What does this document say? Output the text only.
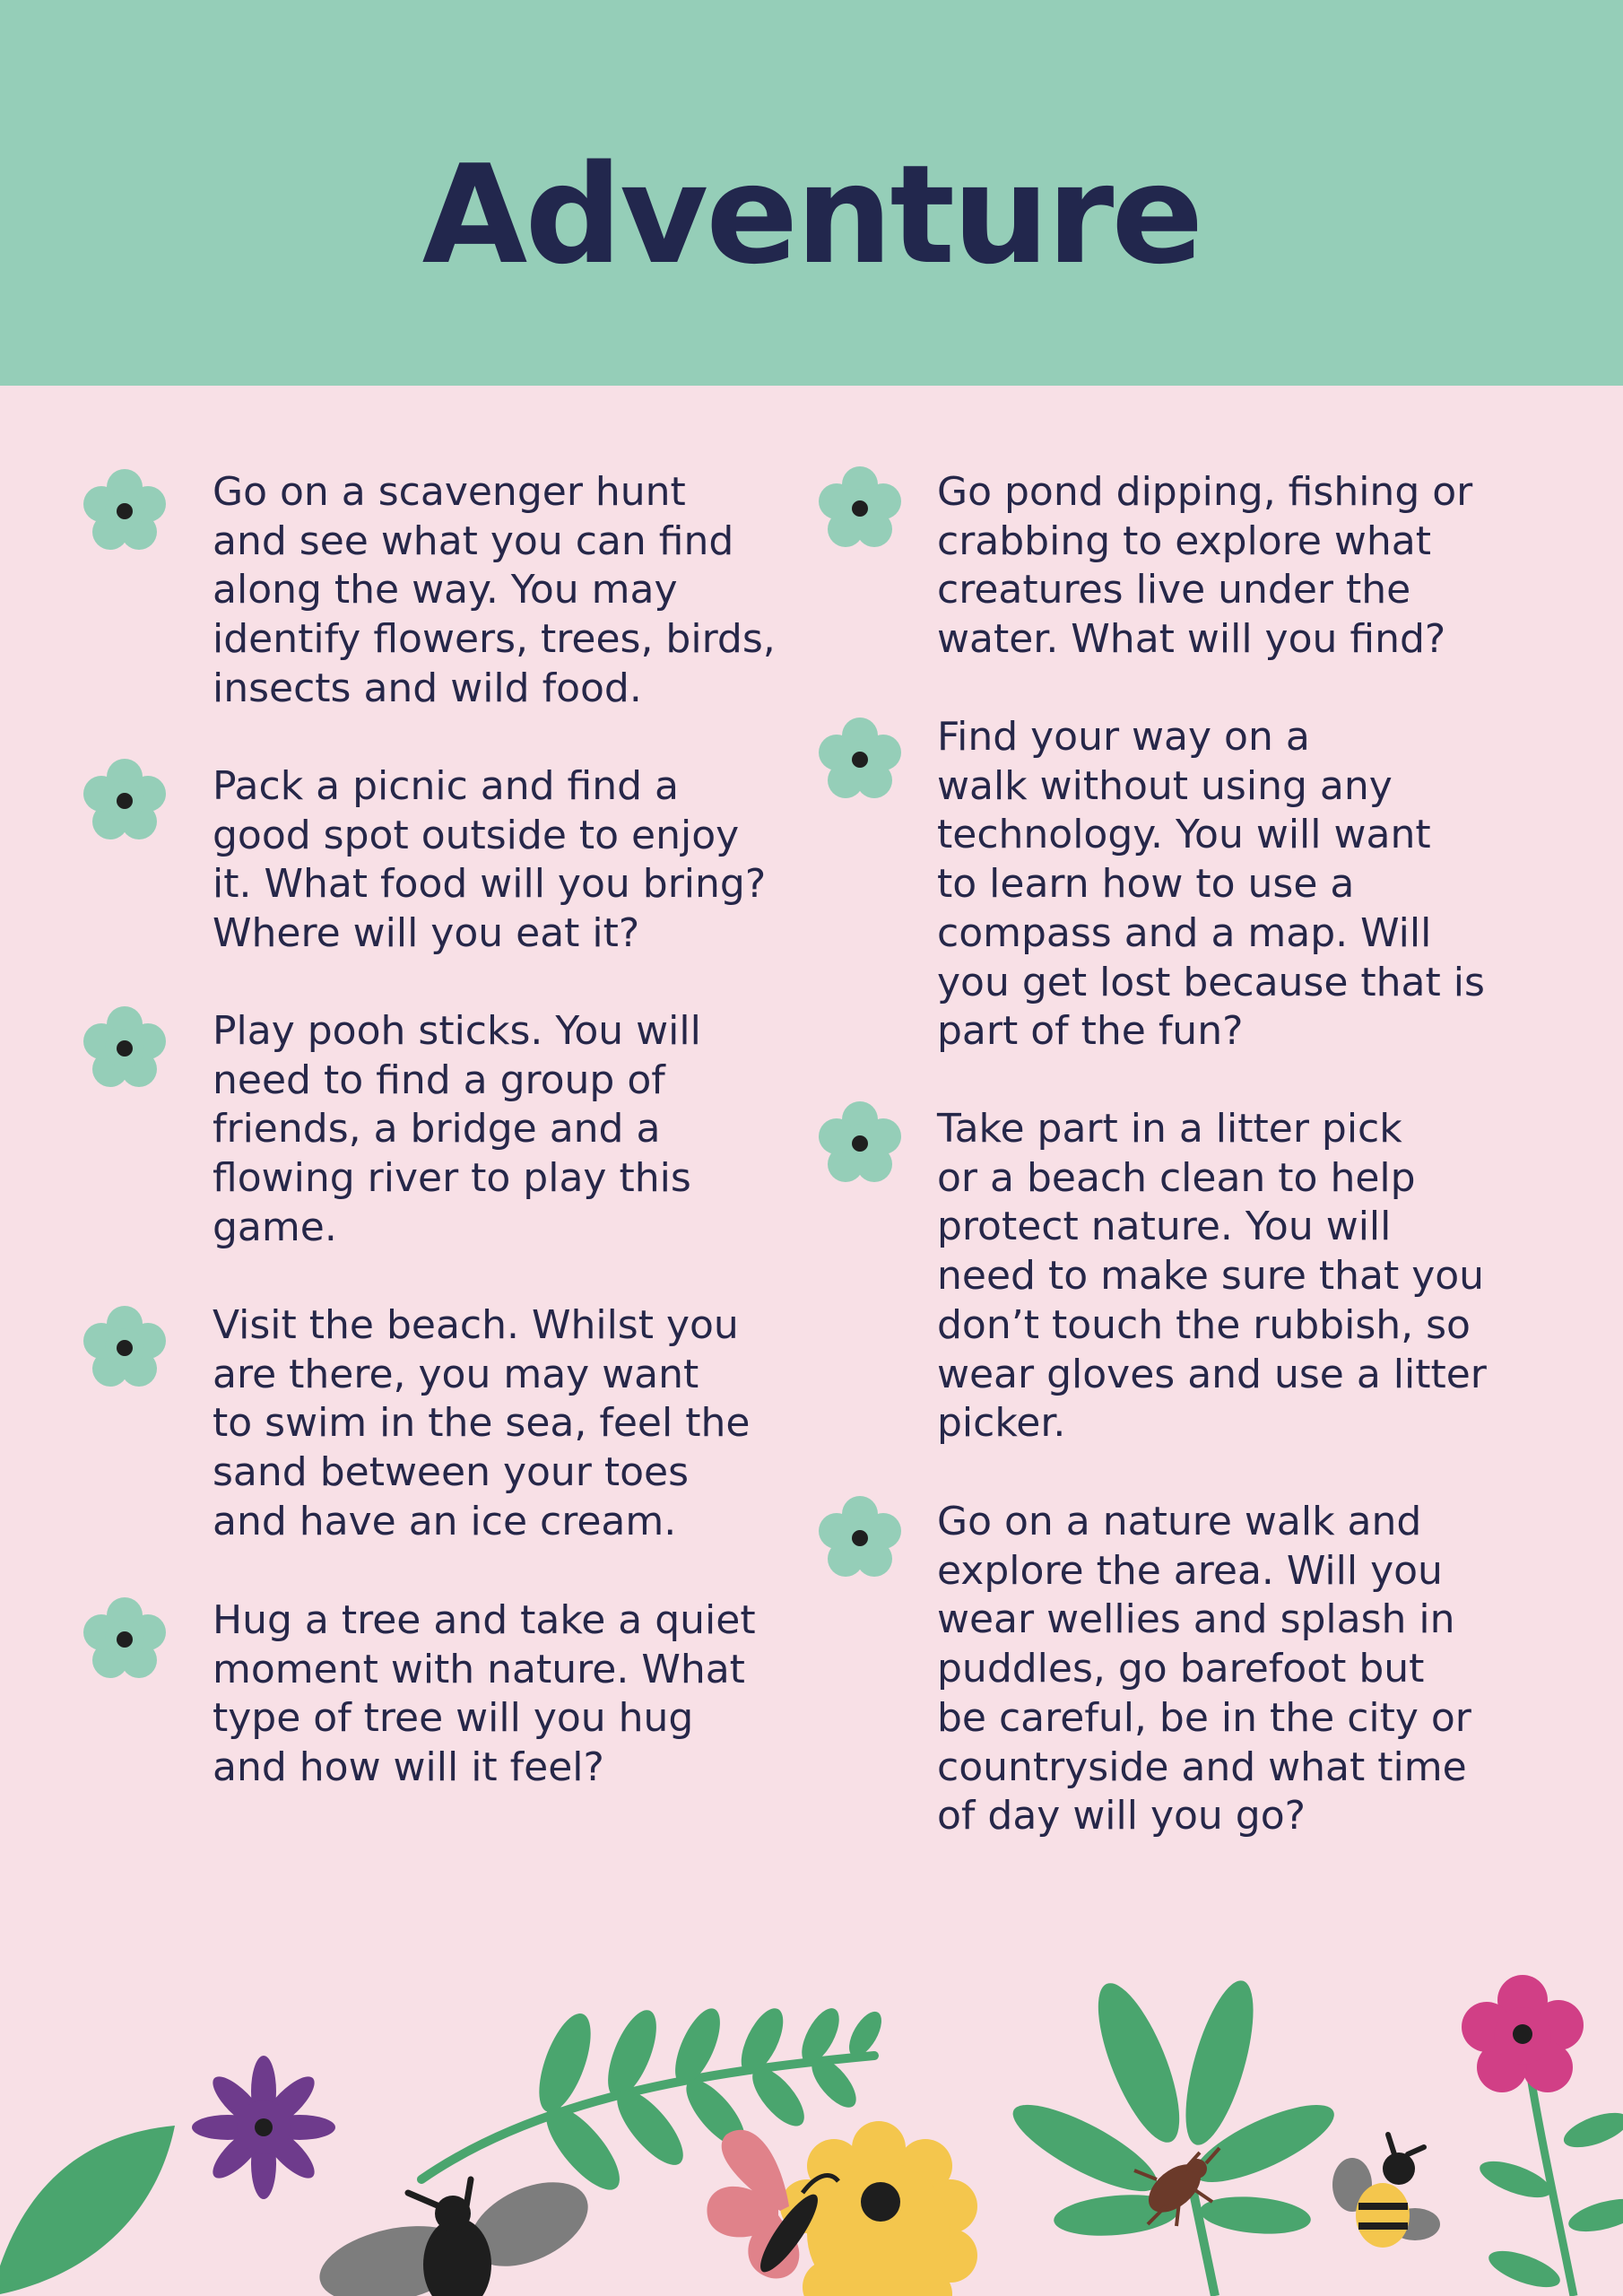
Adventure
Go on a scavenger hunt
and see what you can find
along the way. You may
identify flowers, trees, birds,
insects and wild food.
Pack a picnic and find a
good spot outside to enjoy
it. What food will you bring?
Where will you eat it?
Play pooh sticks. You will
need to find a group of
friends, a bridge and a
flowing river to play this
game.
Visit the beach. Whilst you
are there, you may want
to swim in the sea, feel the
sand between your toes
and have an ice cream.
Hug a tree and take a quiet
moment with nature. What
type of tree will you hug
and how will it feel?
Go pond dipping, fishing or
crabbing to explore what
creatures live under the
water. What will you find?
Find your way on a
walk without using any
technology. You will want
to learn how to use a
compass and a map. Will
you get lost because that is
part of the fun?
Take part in a litter pick
or a beach clean to help
protect nature. You will
need to make sure that you
don’t touch the rubbish, so
wear gloves and use a litter
picker.
Go on a nature walk and
explore the area. Will you
wear wellies and splash in
puddles, go barefoot but
be careful, be in the city or
countryside and what time
of day will you go?
